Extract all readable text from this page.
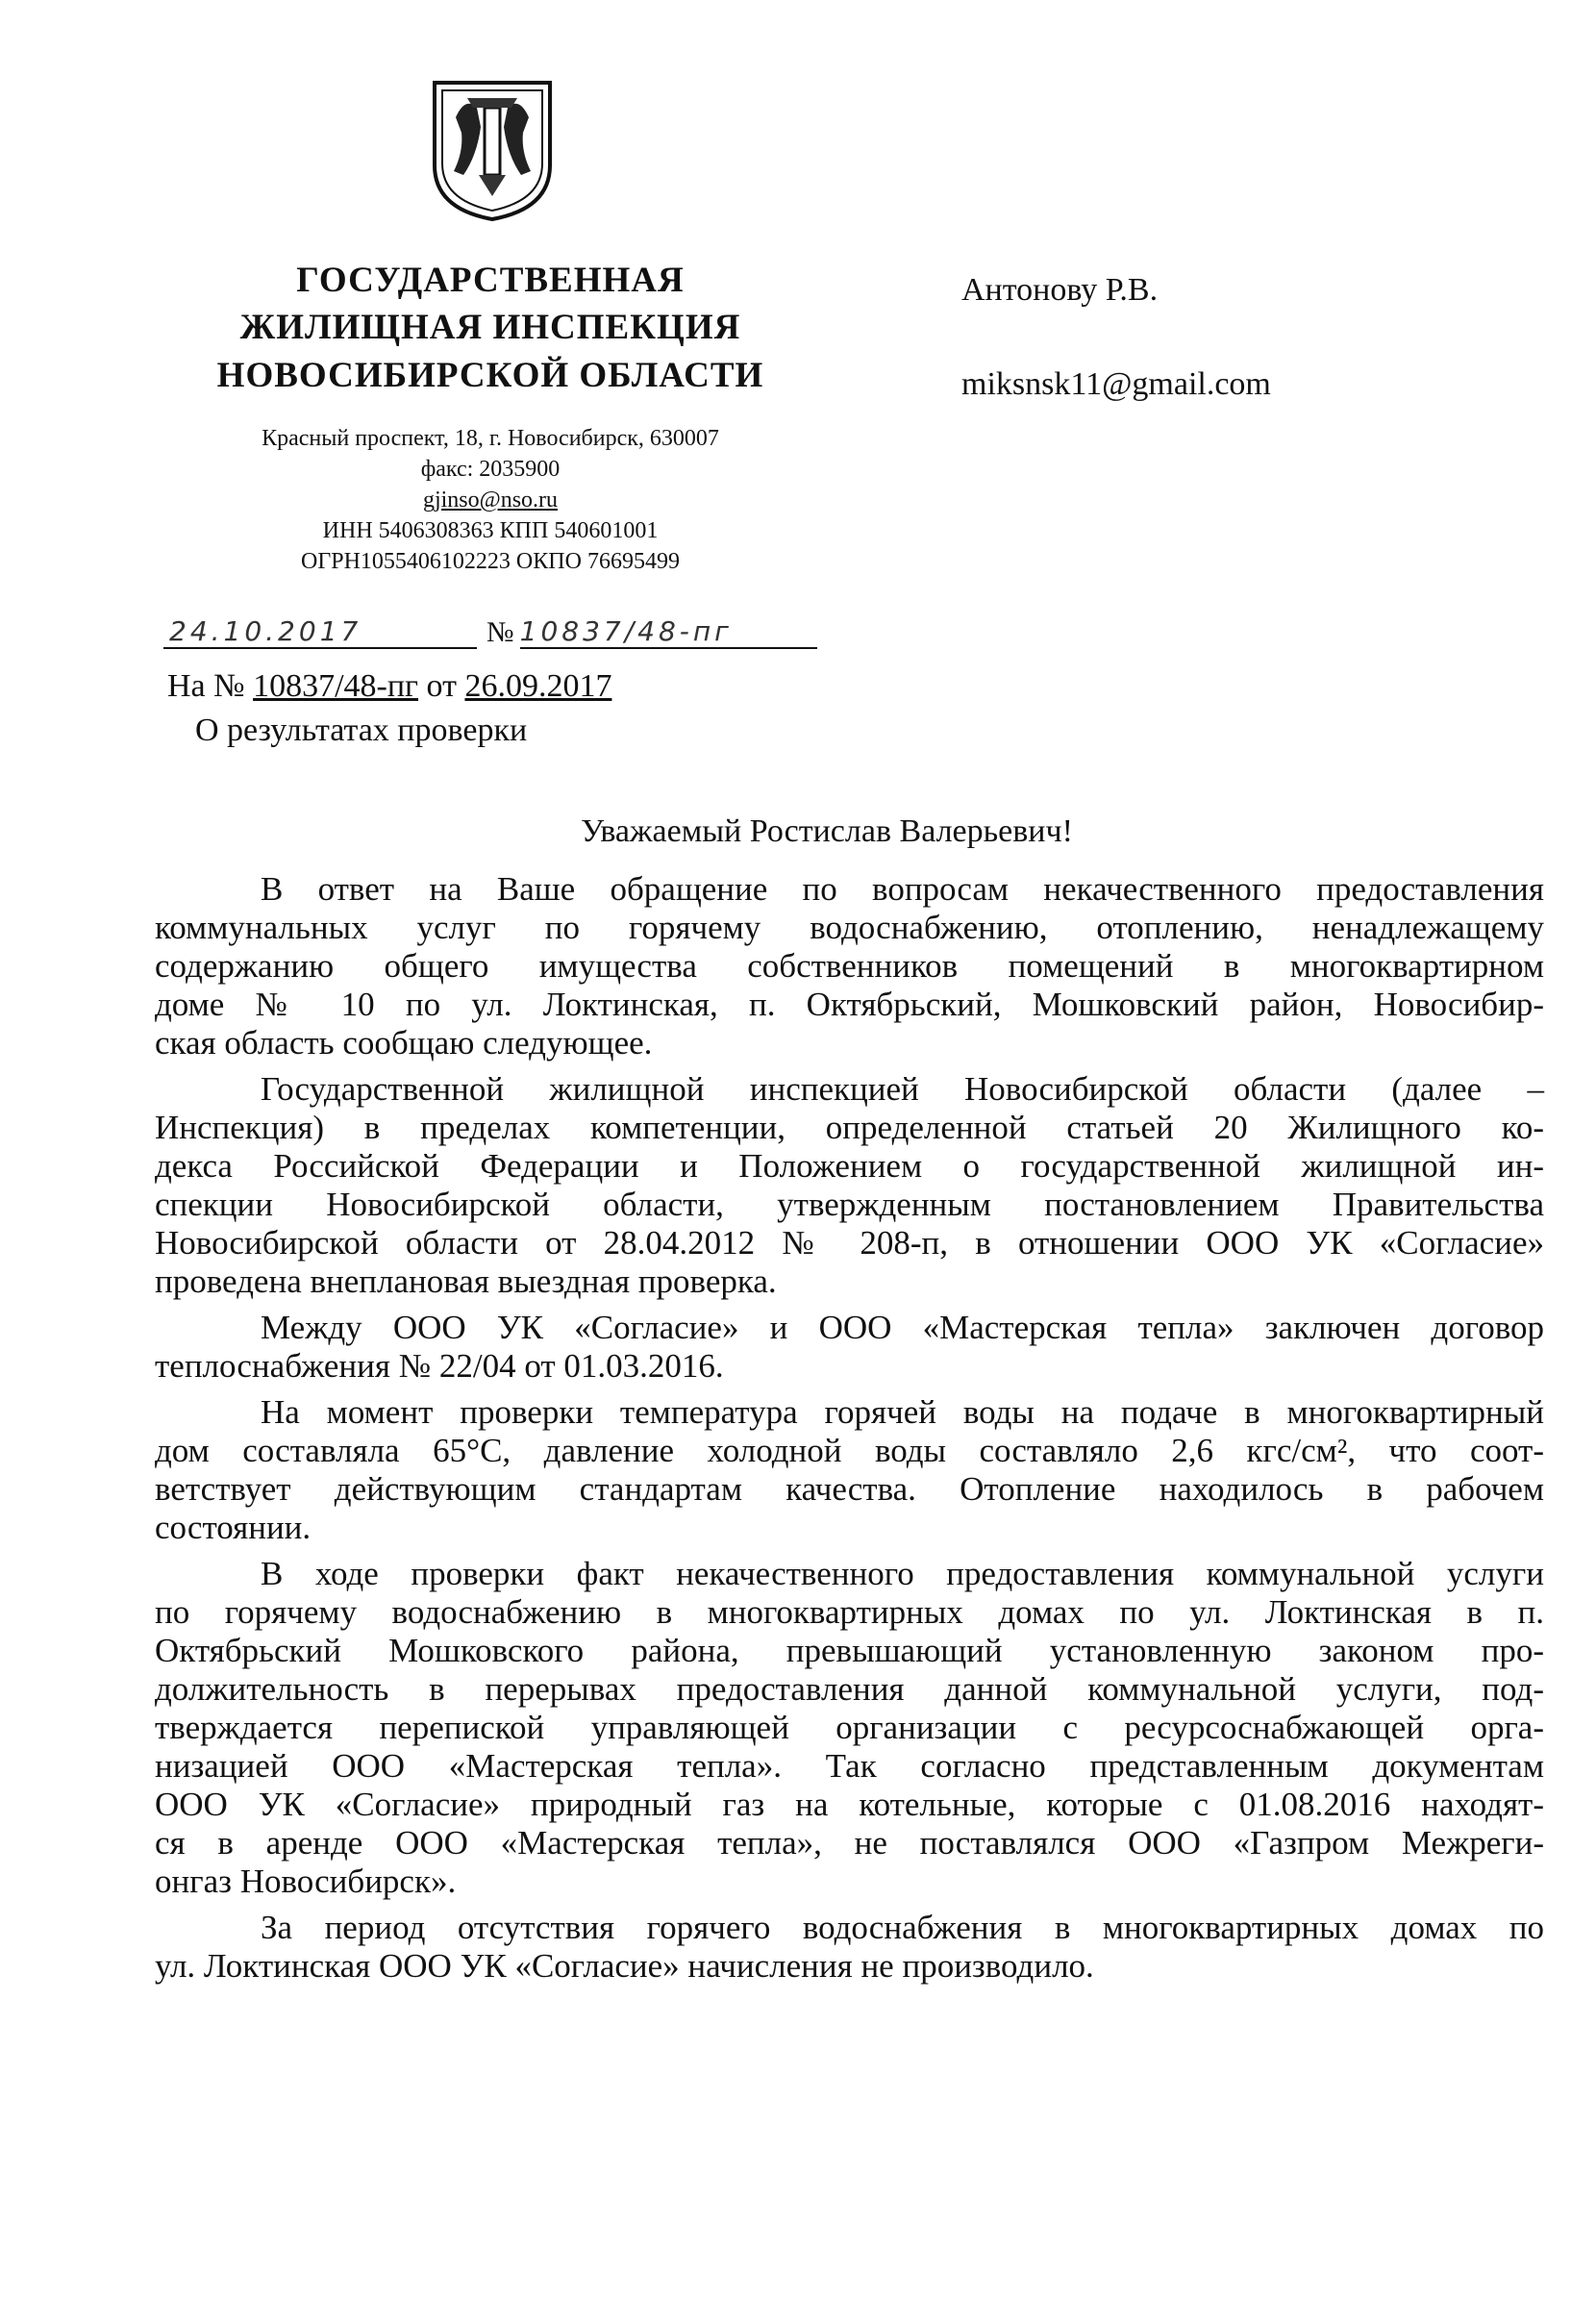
ГОСУДАРСТВЕННАЯ
ЖИЛИЩНАЯ ИНСПЕКЦИЯ
НОВОСИБИРСКОЙ ОБЛАСТИ
Антонову Р.В.
miksnsk11@gmail.com
Красный проспект, 18, г. Новосибирск, 630007
факс: 2035900
gjinso@nso.ru
ИНН 5406308363 КПП 540601001
ОГРН1055406102223 ОКПО 76695499
24.10.2017	№ 10837/48-пг
На № 10837/48-пг от 26.09.2017
О результатах проверки
Уважаемый Ростислав Валерьевич!
В ответ на Ваше обращение по вопросам некачественного предоставления
коммунальных услуг по горячему водоснабжению, отоплению, ненадлежащему
содержанию общего имущества собственников помещений в многоквартирном
доме № 10 по ул. Локтинская, п. Октябрьский, Мошковский район, Новосибир-
ская область сообщаю следующее.
Государственной жилищной инспекцией Новосибирской области (далее –
Инспекция) в пределах компетенции, определенной статьей 20 Жилищного ко-
декса Российской Федерации и Положением о государственной жилищной ин-
спекции Новосибирской области, утвержденным постановлением Правительства
Новосибирской области от 28.04.2012 № 208-п, в отношении ООО УК «Согласие»
проведена внеплановая выездная проверка.
Между ООО УК «Согласие» и ООО «Мастерская тепла» заключен договор
теплоснабжения № 22/04 от 01.03.2016.
На момент проверки температура горячей воды на подаче в многоквартирный
дом составляла 65°С, давление холодной воды составляло 2,6 кгс/см², что соот-
ветствует действующим стандартам качества. Отопление находилось в рабочем
состоянии.
В ходе проверки факт некачественного предоставления коммунальной услуги
по горячему водоснабжению в многоквартирных домах по ул. Локтинская в п.
Октябрьский Мошковского района, превышающий установленную законом про-
должительность в перерывах предоставления данной коммунальной услуги, под-
тверждается перепиской управляющей организации с ресурсоснабжающей орга-
низацией ООО «Мастерская тепла». Так согласно представленным документам
ООО УК «Согласие» природный газ на котельные, которые с 01.08.2016 находят-
ся в аренде ООО «Мастерская тепла», не поставлялся ООО «Газпром Межреги-
онгаз Новосибирск».
За период отсутствия горячего водоснабжения в многоквартирных домах по
ул. Локтинская ООО УК «Согласие» начисления не производило.
